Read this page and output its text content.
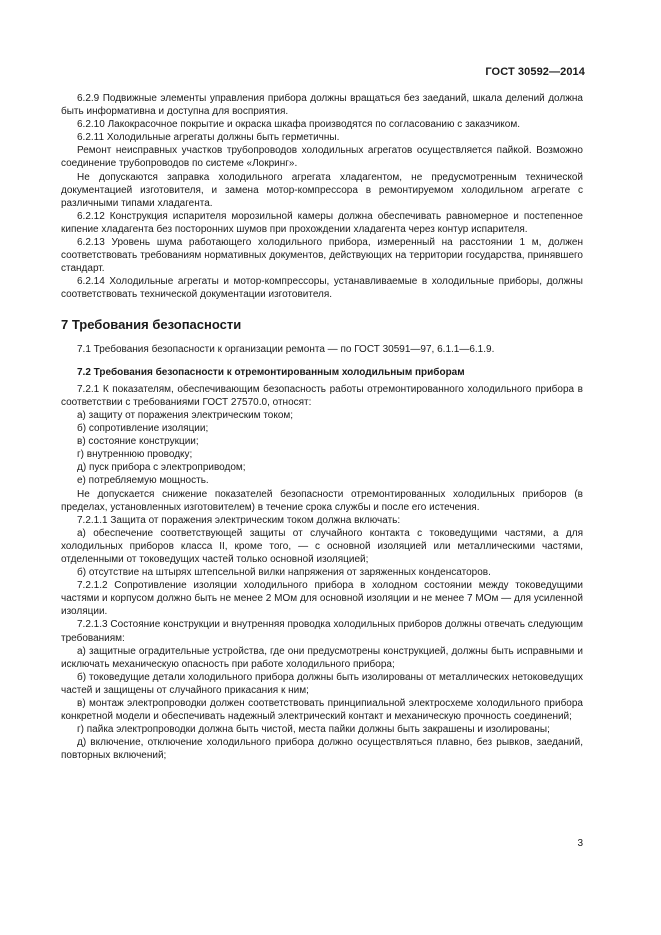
ГОСТ 30592—2014

6.2.9 Подвижные элементы управления прибора должны вращаться без заеданий, шкала делений должна быть информативна и доступна для восприятия.

6.2.10 Лакокрасочное покрытие и окраска шкафа производятся по согласованию с заказчиком.

6.2.11 Холодильные агрегаты должны быть герметичны.

Ремонт неисправных участков трубопроводов холодильных агрегатов осуществляется пайкой. Возможно соединение трубопроводов по системе «Локринг».

Не допускаются заправка холодильного агрегата хладагентом, не предусмотренным технической документацией изготовителя, и замена мотор-компрессора в ремонтируемом холодильном агрегате с различными типами хладагента.

6.2.12 Конструкция испарителя морозильной камеры должна обеспечивать равномерное и постепенное кипение хладагента без посторонних шумов при прохождении хладагента через контур испарителя.

6.2.13 Уровень шума работающего холодильного прибора, измеренный на расстоянии 1 м, должен соответствовать требованиям нормативных документов, действующих на территории государства, принявшего стандарт.

6.2.14 Холодильные агрегаты и мотор-компрессоры, устанавливаемые в холодильные приборы, должны соответствовать технической документации изготовителя.

7 Требования безопасности

7.1 Требования безопасности к организации ремонта — по ГОСТ 30591—97, 6.1.1—6.1.9.

7.2 Требования безопасности к отремонтированным холодильным приборам

7.2.1 К показателям, обеспечивающим безопасность работы отремонтированного холодильного прибора в соответствии с требованиями ГОСТ 27570.0, относят:

а) защиту от поражения электрическим током;

б) сопротивление изоляции;

в) состояние конструкции;

г) внутреннюю проводку;

д) пуск прибора с электроприводом;

е) потребляемую мощность.

Не допускается снижение показателей безопасности отремонтированных холодильных приборов (в пределах, установленных изготовителем) в течение срока службы и после его истечения.

7.2.1.1 Защита от поражения электрическим током должна включать:

а) обеспечение соответствующей защиты от случайного контакта с токоведущими частями, а для холодильных приборов класса II, кроме того, — с основной изоляцией или металлическими частями, отделенными от токоведущих частей только основной изоляцией;

б) отсутствие на штырях штепсельной вилки напряжения от заряженных конденсаторов.

7.2.1.2 Сопротивление изоляции холодильного прибора в холодном состоянии между токоведущими частями и корпусом должно быть не менее 2 МОм для основной изоляции и не менее 7 МОм — для усиленной изоляции.

7.2.1.3 Состояние конструкции и внутренняя проводка холодильных приборов должны отвечать следующим требованиям:

а) защитные оградительные устройства, где они предусмотрены конструкцией, должны быть исправными и исключать механическую опасность при работе холодильного прибора;

б) токоведущие детали холодильного прибора должны быть изолированы от металлических нетоковедущих частей и защищены от случайного прикасания к ним;

в) монтаж электропроводки должен соответствовать принципиальной электросхеме холодильного прибора конкретной модели и обеспечивать надежный электрический контакт и механическую прочность соединений;

г) пайка электропроводки должна быть чистой, места пайки должны быть закрашены и изолированы;

д) включение, отключение холодильного прибора должно осуществляться плавно, без рывков, заеданий, повторных включений;

3
